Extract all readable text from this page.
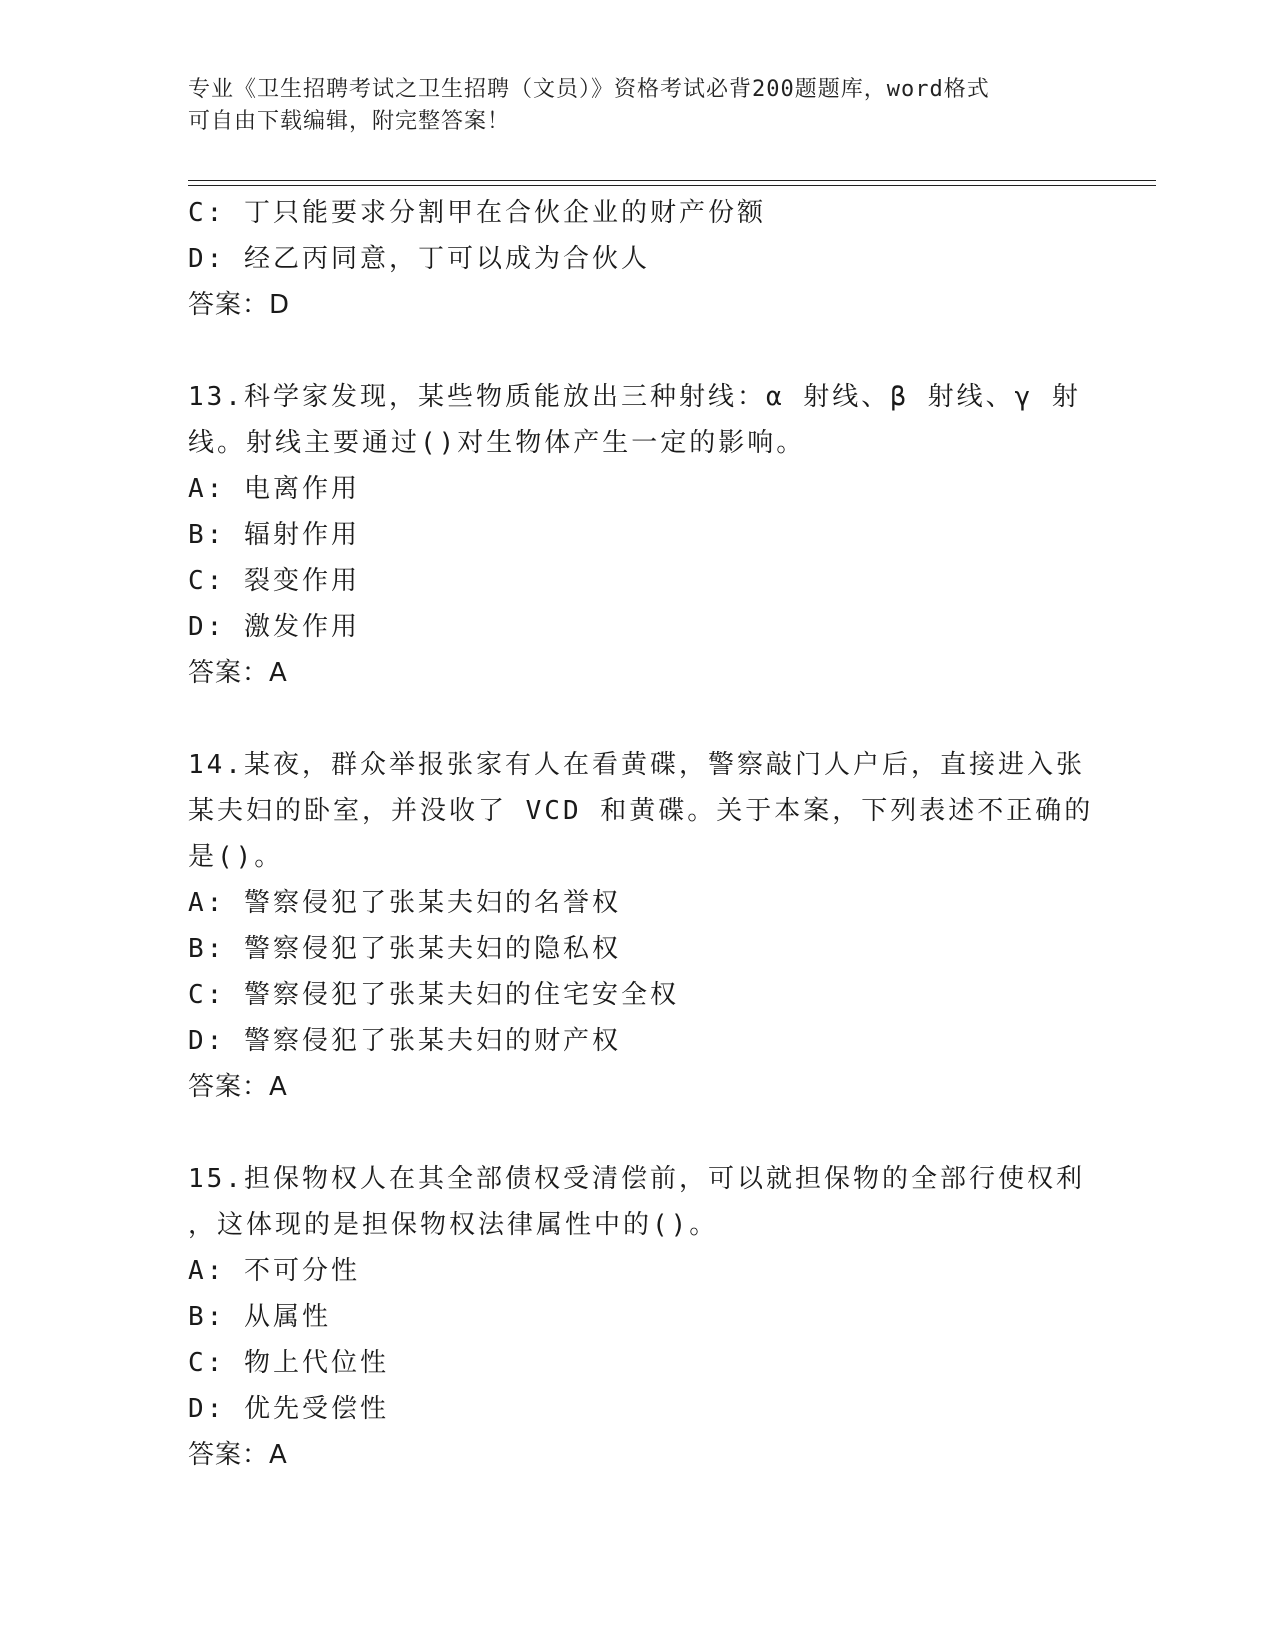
专业《卫生招聘考试之卫生招聘（文员）》资格考试必背200题题库，word格式
可自由下载编辑，附完整答案！
C: 丁只能要求分割甲在合伙企业的财产份额
D: 经乙丙同意，丁可以成为合伙人
答案：D
13.科学家发现，某些物质能放出三种射线：α 射线、β 射线、γ 射
线。射线主要通过()对生物体产生一定的影响。
A: 电离作用
B: 辐射作用
C: 裂变作用
D: 激发作用
答案：A
14.某夜，群众举报张家有人在看黄碟，警察敲门人户后，直接进入张
某夫妇的卧室，并没收了 VCD 和黄碟。关于本案，下列表述不正确的
是()。
A: 警察侵犯了张某夫妇的名誉权
B: 警察侵犯了张某夫妇的隐私权
C: 警察侵犯了张某夫妇的住宅安全权
D: 警察侵犯了张某夫妇的财产权
答案：A
15.担保物权人在其全部债权受清偿前，可以就担保物的全部行使权利
，这体现的是担保物权法律属性中的()。
A: 不可分性
B: 从属性
C: 物上代位性
D: 优先受偿性
答案：A
